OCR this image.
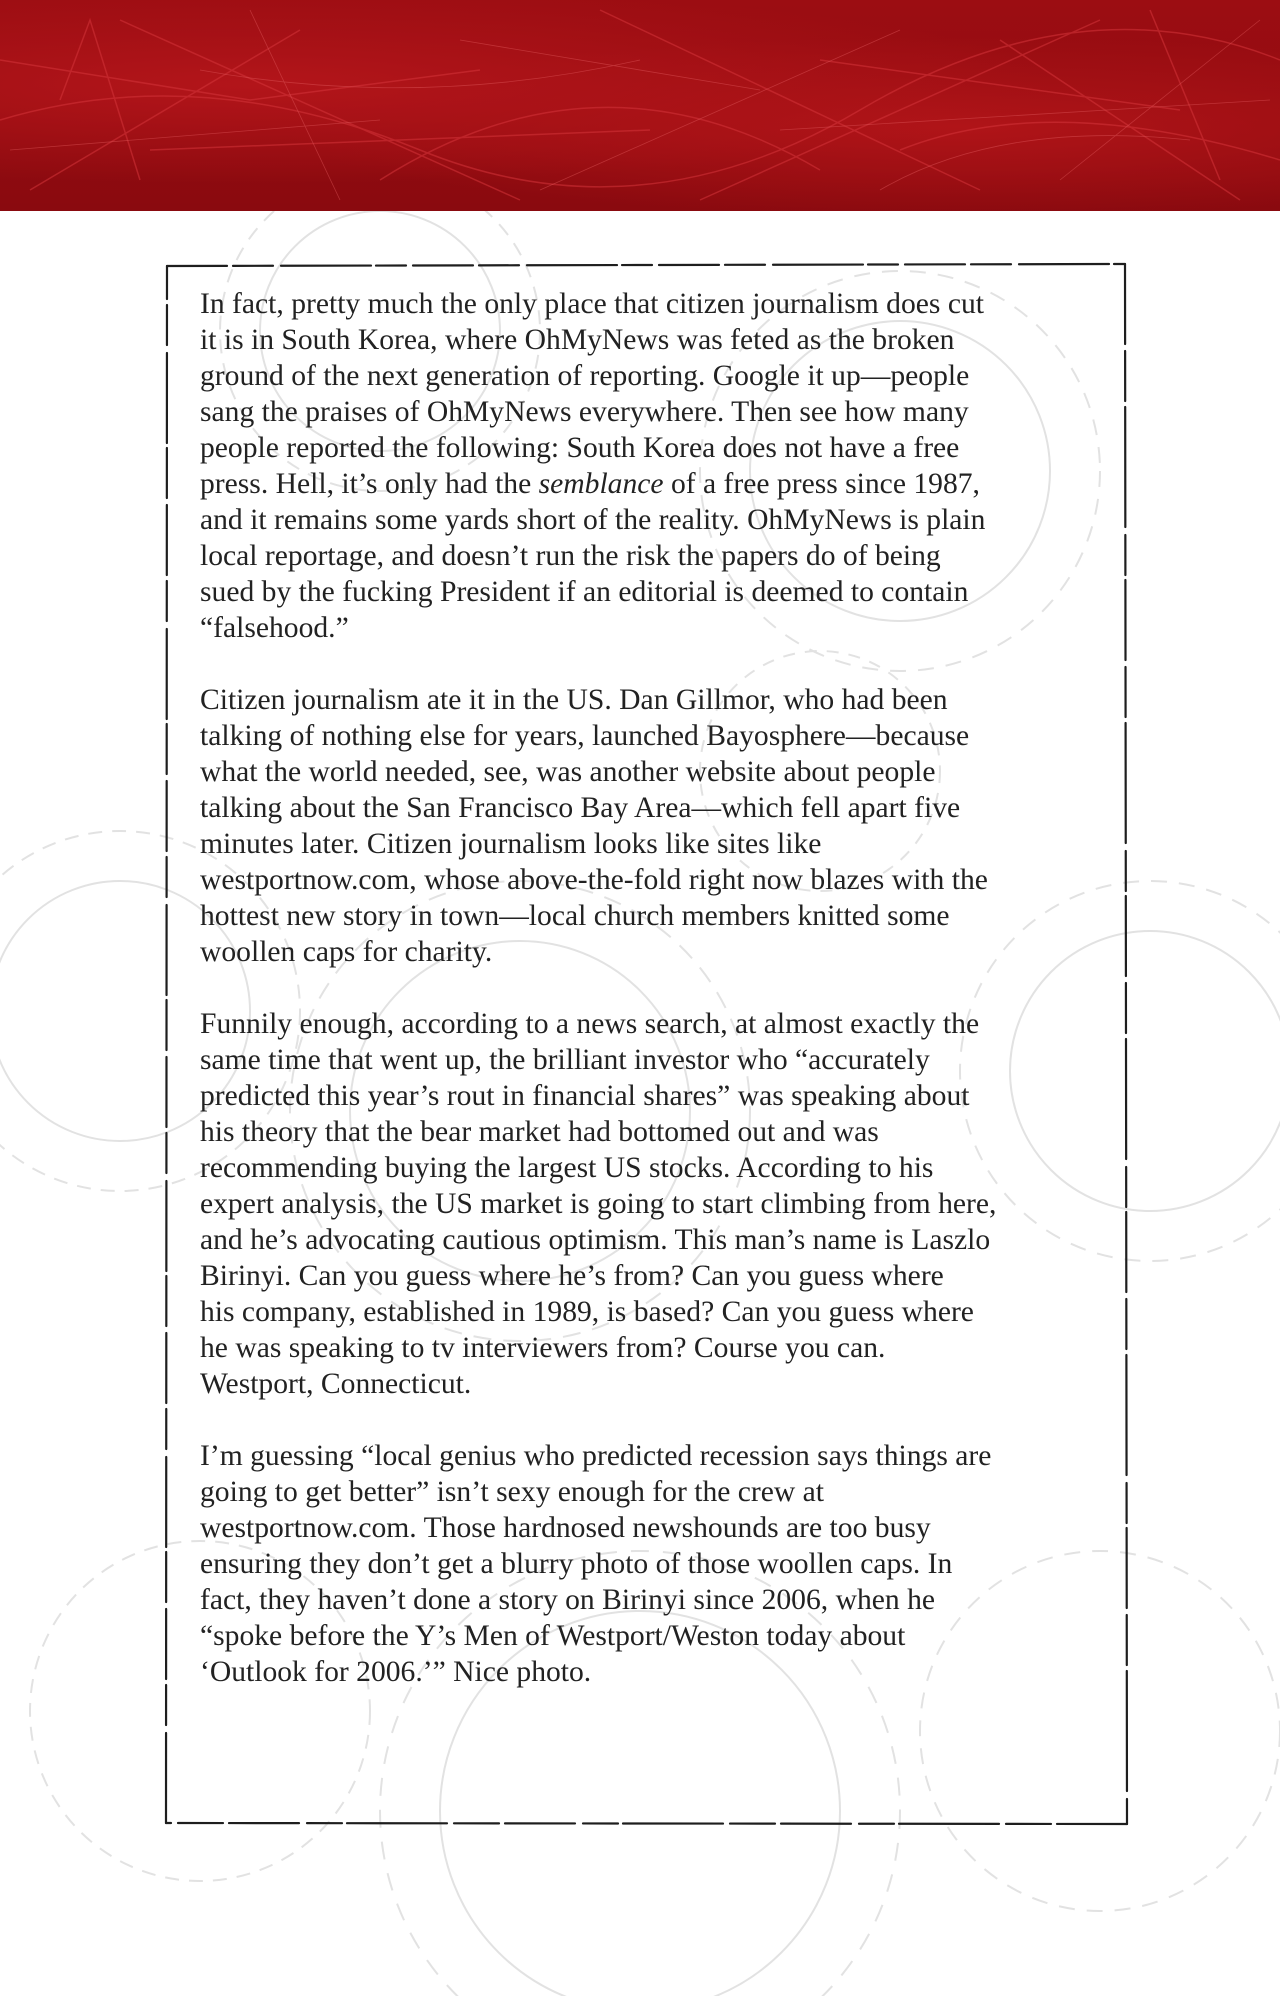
In fact, pretty much the only place that citizen journalism does cut
it is in South Korea, where OhMyNews was feted as the broken
ground of the next generation of reporting. Google it up—people
sang the praises of OhMyNews everywhere. Then see how many
people reported the following: South Korea does not have a free
press. Hell, it’s only had the semblance of a free press since 1987,
and it remains some yards short of the reality. OhMyNews is plain
local reportage, and doesn’t run the risk the papers do of being
sued by the fucking President if an editorial is deemed to contain
“falsehood.”

Citizen journalism ate it in the US. Dan Gillmor, who had been
talking of nothing else for years, launched Bayosphere—because
what the world needed, see, was another website about people
talking about the San Francisco Bay Area—which fell apart five
minutes later. Citizen journalism looks like sites like
westportnow.com, whose above-the-fold right now blazes with the
hottest new story in town—local church members knitted some
woollen caps for charity.

Funnily enough, according to a news search, at almost exactly the
same time that went up, the brilliant investor who “accurately
predicted this year’s rout in financial shares” was speaking about
his theory that the bear market had bottomed out and was
recommending buying the largest US stocks. According to his
expert analysis, the US market is going to start climbing from here,
and he’s advocating cautious optimism. This man’s name is Laszlo
Birinyi. Can you guess where he’s from? Can you guess where
his company, established in 1989, is based? Can you guess where
he was speaking to tv interviewers from? Course you can.
Westport, Connecticut.

I’m guessing “local genius who predicted recession says things are
going to get better” isn’t sexy enough for the crew at
westportnow.com. Those hardnosed newshounds are too busy
ensuring they don’t get a blurry photo of those woollen caps. In
fact, they haven’t done a story on Birinyi since 2006, when he
“spoke before the Y’s Men of Westport/Weston today about
‘Outlook for 2006.’” Nice photo.
